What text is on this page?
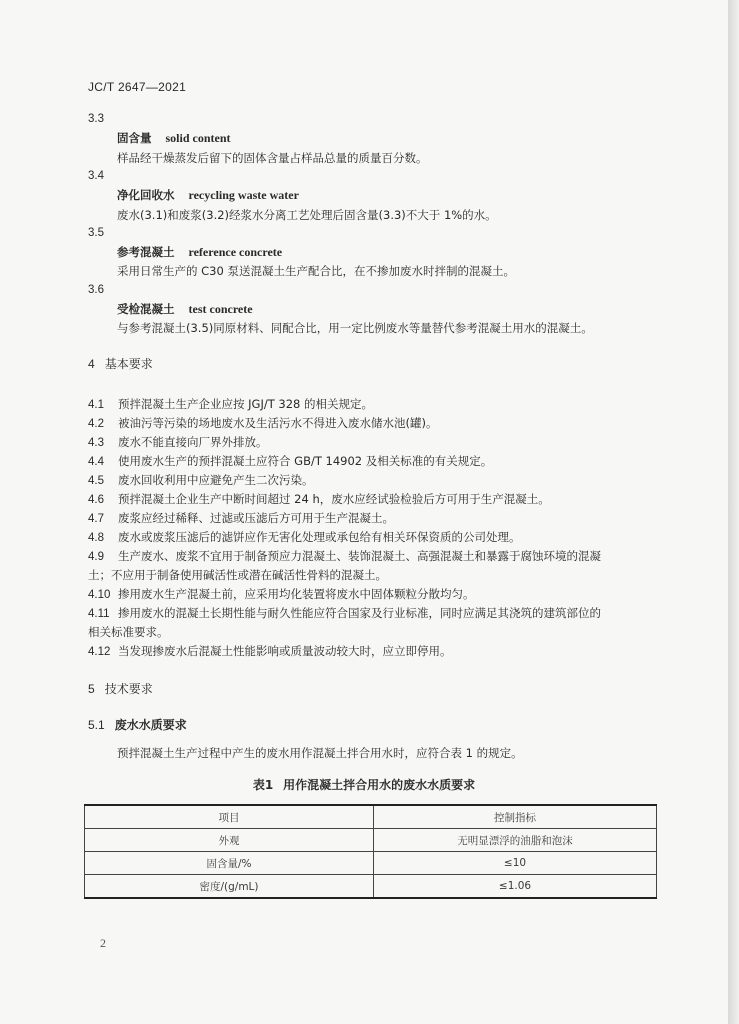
JC/T 2647—2021
3.3
固含量 solid content
样品经干燥蒸发后留下的固体含量占样品总量的质量百分数。
3.4
净化回收水 recycling waste water
废水(3.1)和废浆(3.2)经浆水分离工艺处理后固含量(3.3)不大于 1%的水。
3.5
参考混凝土 reference concrete
采用日常生产的 C30 泵送混凝土生产配合比，在不掺加废水时拌制的混凝土。
3.6
受检混凝土 test concrete
与参考混凝土(3.5)同原材料、同配合比，用一定比例废水等量替代参考混凝土用水的混凝土。
4 基本要求
4.1 预拌混凝土生产企业应按 JGJ/T 328 的相关规定。
4.2 被油污等污染的场地废水及生活污水不得进入废水储水池(罐)。
4.3 废水不能直接向厂界外排放。
4.4 使用废水生产的预拌混凝土应符合 GB/T 14902 及相关标准的有关规定。
4.5 废水回收利用中应避免产生二次污染。
4.6 预拌混凝土企业生产中断时间超过 24 h，废水应经试验检验后方可用于生产混凝土。
4.7 废浆应经过稀释、过滤或压滤后方可用于生产混凝土。
4.8 废水或废浆压滤后的滤饼应作无害化处理或承包给有相关环保资质的公司处理。
4.9 生产废水、废浆不宜用于制备预应力混凝土、装饰混凝土、高强混凝土和暴露于腐蚀环境的混凝
土；不应用于制备使用碱活性或潜在碱活性骨料的混凝土。
4.10 掺用废水生产混凝土前，应采用均化装置将废水中固体颗粒分散均匀。
4.11 掺用废水的混凝土长期性能与耐久性能应符合国家及行业标准，同时应满足其浇筑的建筑部位的
相关标准要求。
4.12 当发现掺废水后混凝土性能影响或质量波动较大时，应立即停用。
5 技术要求
5.1 废水水质要求
预拌混凝土生产过程中产生的废水用作混凝土拌合用水时，应符合表 1 的规定。
表1 用作混凝土拌合用水的废水水质要求
项目	控制指标
外观	无明显漂浮的油脂和泡沫
固含量/%	≤10
密度/(g/mL)	≤1.06
2
